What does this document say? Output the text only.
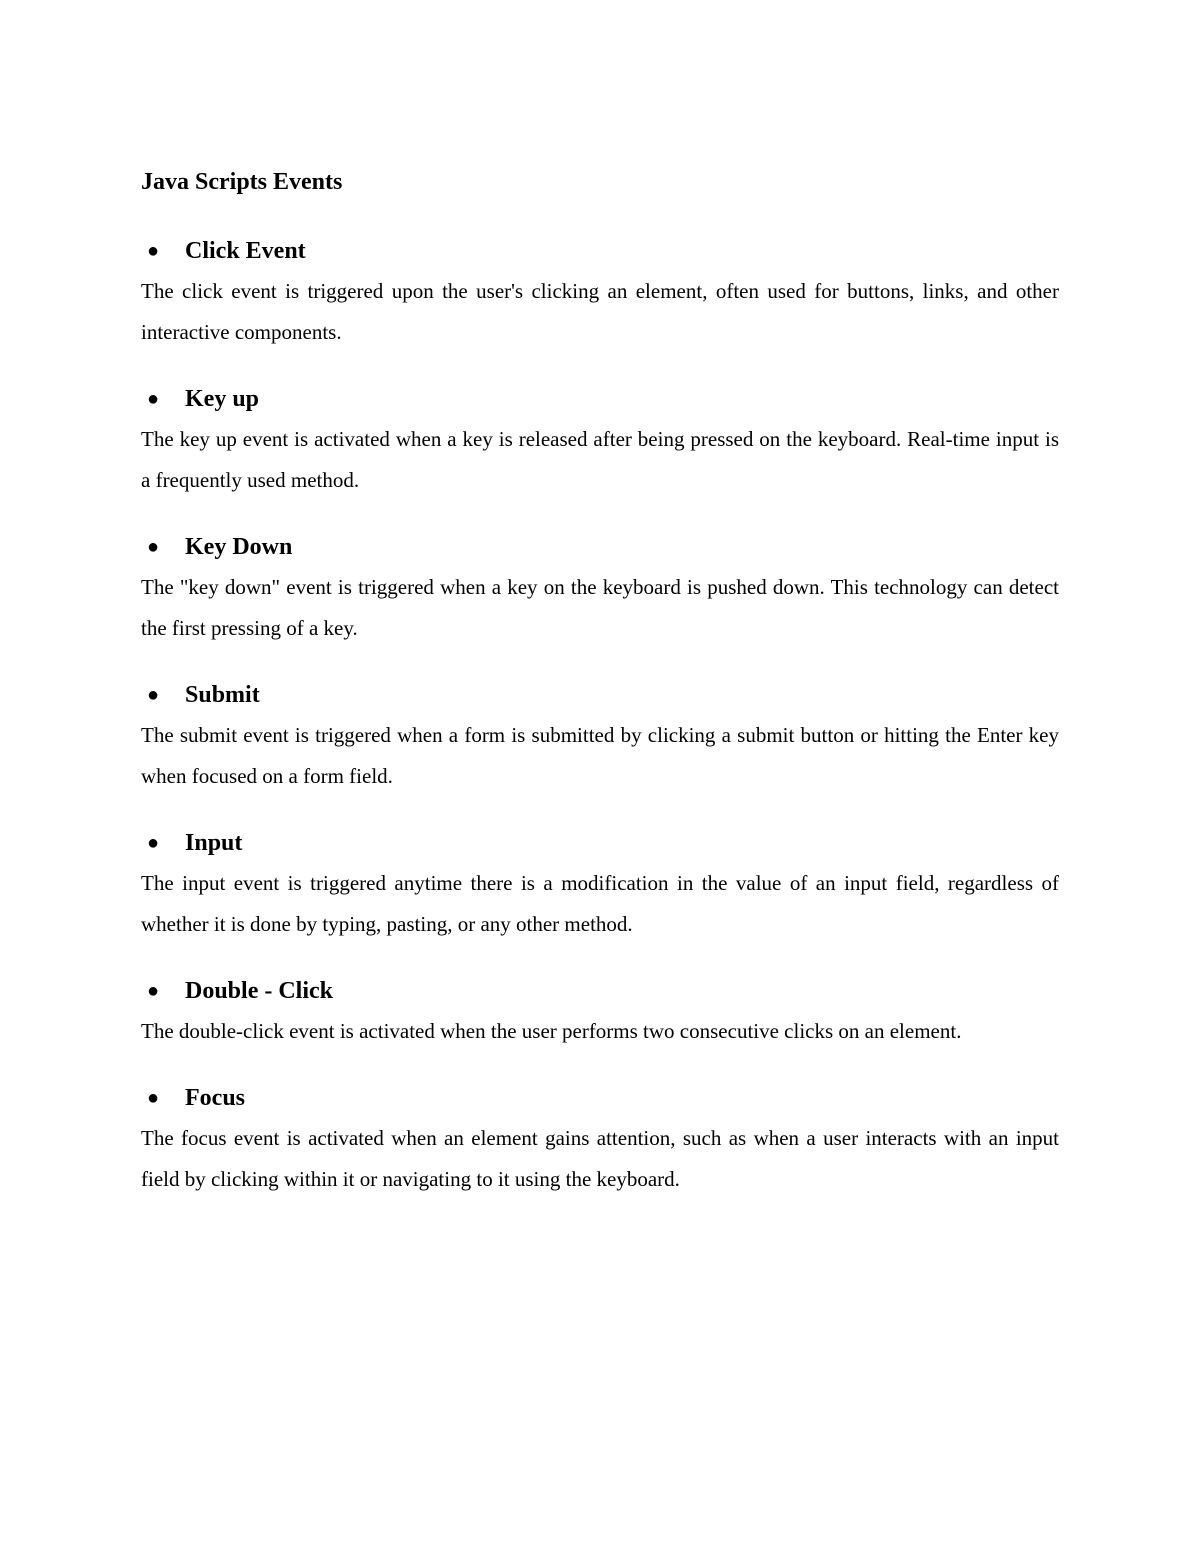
Java Scripts Events
●	Click Event

The click event is triggered upon the user's clicking an element, often used for buttons, links, and other interactive components.

●	Key up

The key up event is activated when a key is released after being pressed on the keyboard. Real-time input is a frequently used method.

●	Key Down

The "key down" event is triggered when a key on the keyboard is pushed down. This technology can detect the first pressing of a key.

●	Submit

The submit event is triggered when a form is submitted by clicking a submit button or hitting the Enter key when focused on a form field.

●	Input

The input event is triggered anytime there is a modification in the value of an input field, regardless of whether it is done by typing, pasting, or any other method.

●	Double - Click

The double-click event is activated when the user performs two consecutive clicks on an element.

●	Focus

The focus event is activated when an element gains attention, such as when a user interacts with an input field by clicking within it or navigating to it using the keyboard.
